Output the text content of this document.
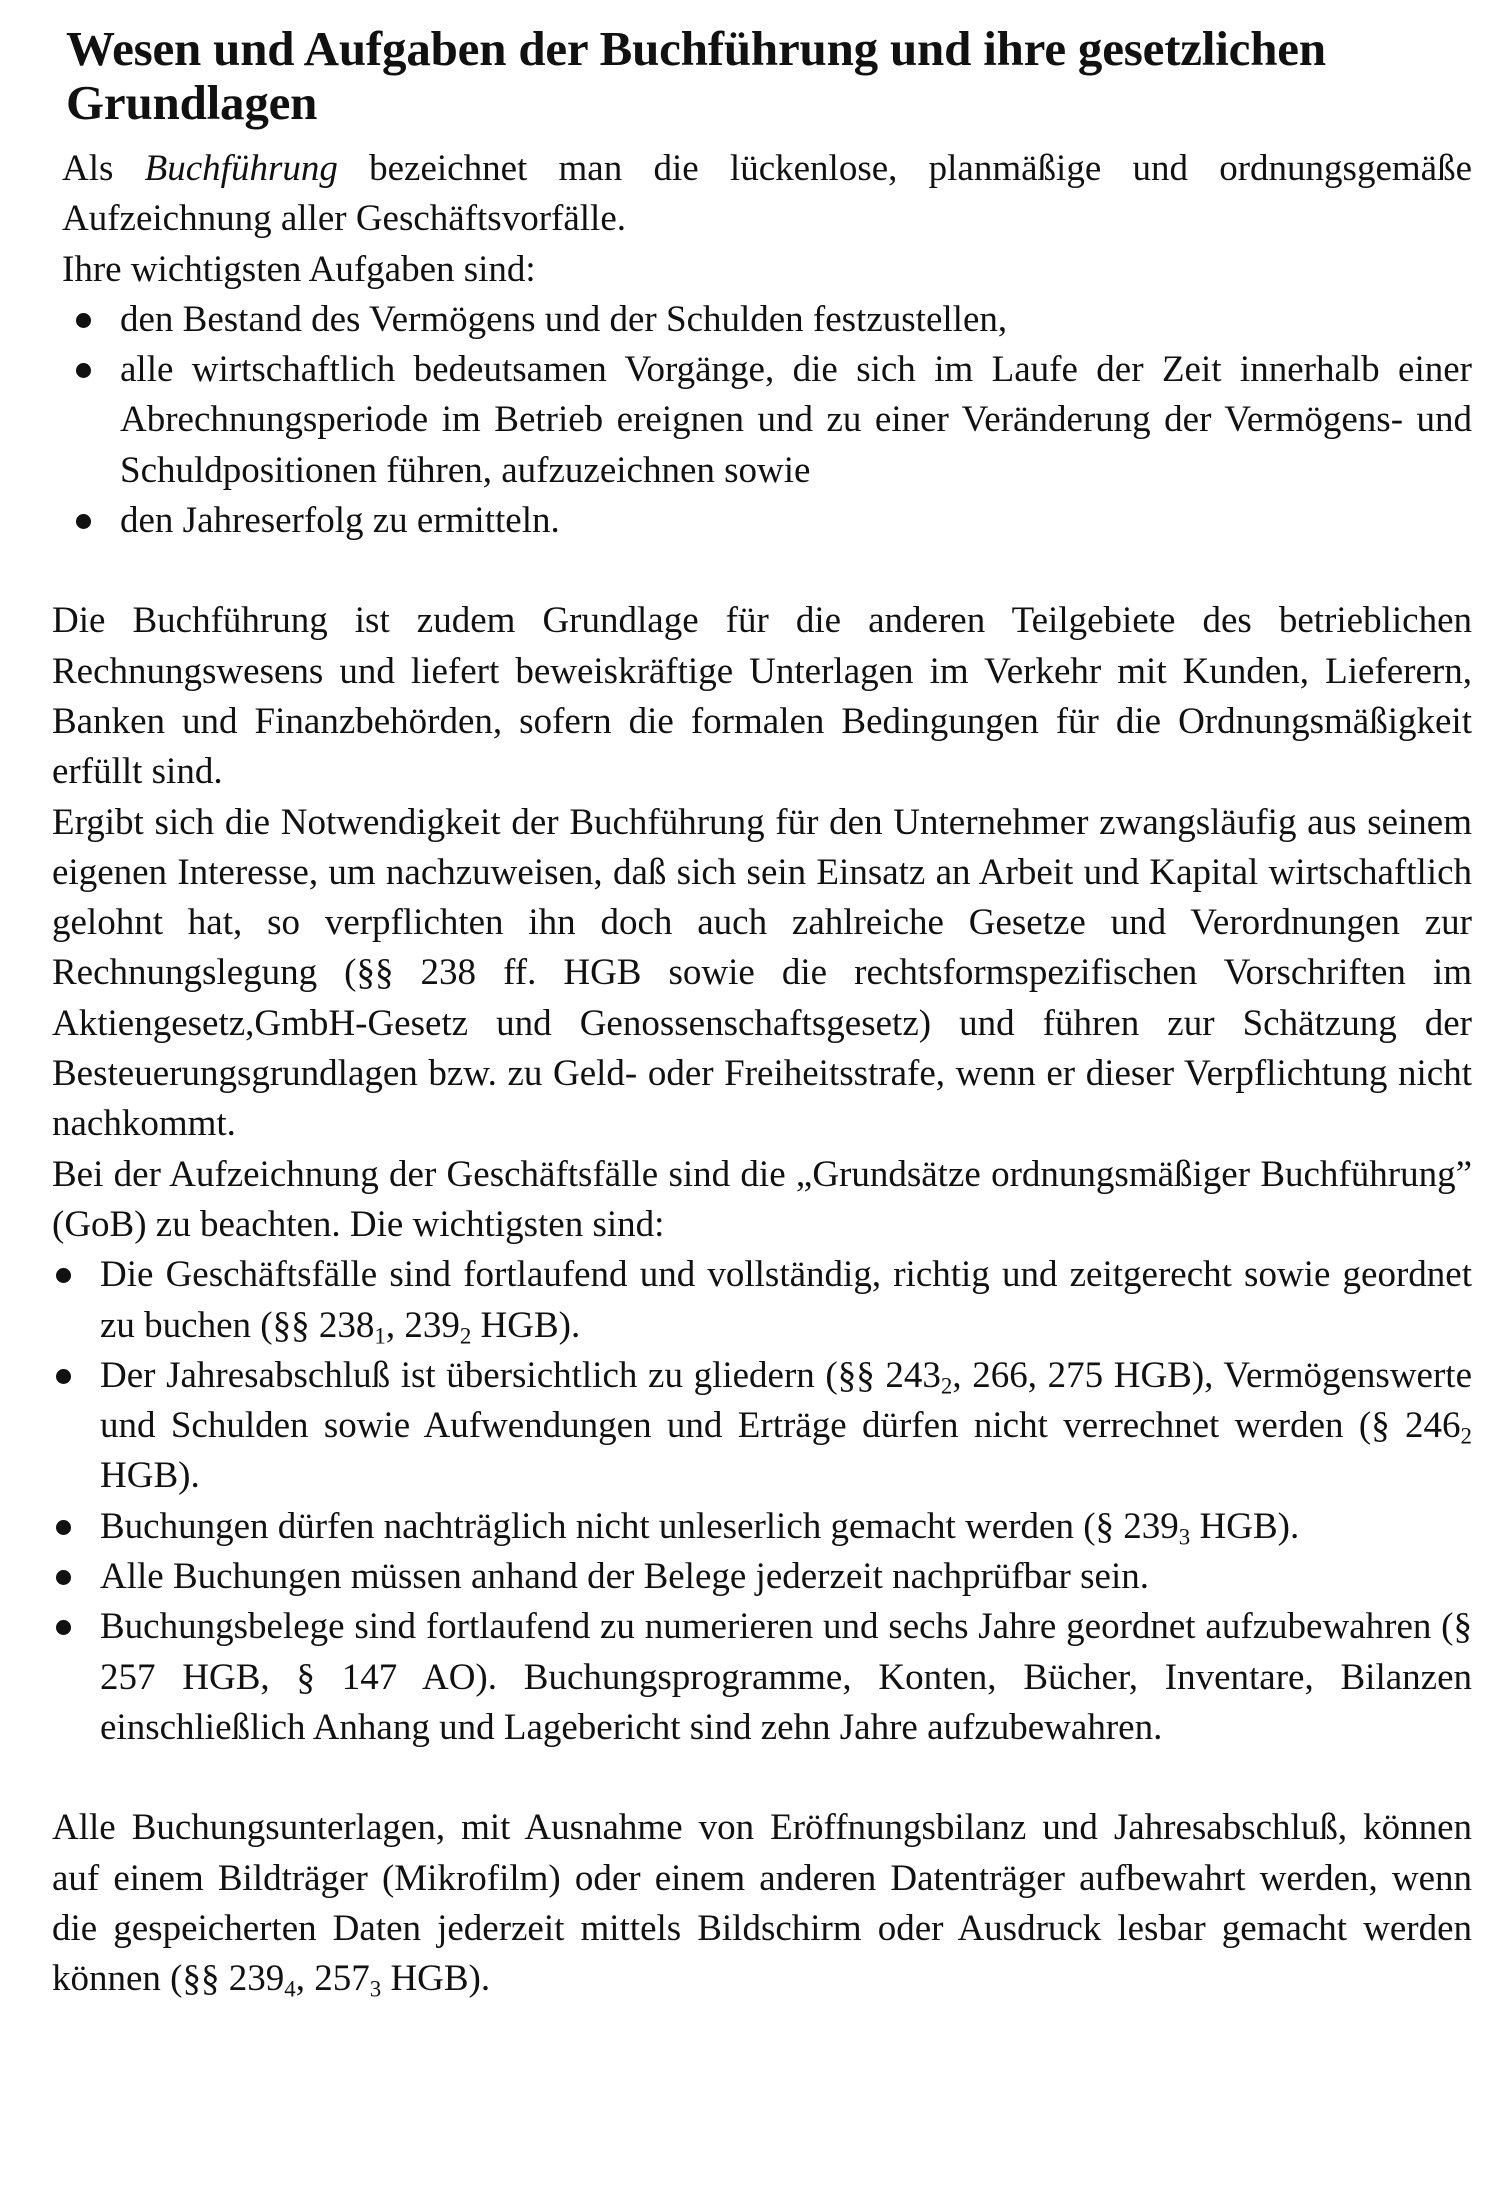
Wesen und Aufgaben der Buchführung und ihre gesetzlichen Grundlagen

Als Buchführung bezeichnet man die lückenlose, planmäßige und ordnungsgemäße Aufzeichnung aller Geschäftsvorfälle.

Ihre wichtigsten Aufgaben sind:

den Bestand des Vermögens und der Schulden festzustellen,
alle wirtschaftlich bedeutsamen Vorgänge, die sich im Laufe der Zeit innerhalb einer Abrechnungsperiode im Betrieb ereignen und zu einer Veränderung der Vermögens- und Schuldpositionen führen, aufzuzeichnen sowie
den Jahreserfolg zu ermitteln.

Die Buchführung ist zudem Grundlage für die anderen Teilgebiete des betrieblichen Rechnungswesens und liefert beweiskräftige Unterlagen im Verkehr mit Kunden, Lieferern, Banken und Finanzbehörden, sofern die formalen Bedingungen für die Ordnungsmäßigkeit erfüllt sind.

Ergibt sich die Notwendigkeit der Buchführung für den Unternehmer zwangsläufig aus seinem eigenen Interesse, um nachzuweisen, daß sich sein Einsatz an Arbeit und Kapital wirtschaftlich gelohnt hat, so verpflichten ihn doch auch zahlreiche Gesetze und Verordnungen zur Rechnungslegung (§§ 238 ff. HGB sowie die rechtsformspezifischen Vorschriften im Aktiengesetz,GmbH-Gesetz und Genossenschaftsgesetz) und führen zur Schätzung der Besteuerungsgrundlagen bzw. zu Geld- oder Freiheitsstrafe, wenn er dieser Verpflichtung nicht nachkommt.

Bei der Aufzeichnung der Geschäftsfälle sind die „Grundsätze ordnungsmäßiger Buchführung” (GoB) zu beachten. Die wichtigsten sind:

Die Geschäftsfälle sind fortlaufend und vollständig, richtig und zeitgerecht sowie geordnet zu buchen (§§ $238_1$, $239_2$ HGB).
Der Jahresabschluß ist übersichtlich zu gliedern (§§ $243_2$, 266, 275 HGB), Vermögenswerte und Schulden sowie Aufwendungen und Erträge dürfen nicht verrechnet werden (§ $246_2$ HGB).
Buchungen dürfen nachträglich nicht unleserlich gemacht werden (§ $239_3$ HGB).
Alle Buchungen müssen anhand der Belege jederzeit nachprüfbar sein.
Buchungsbelege sind fortlaufend zu numerieren und sechs Jahre geordnet aufzubewahren (§ 257 HGB, § 147 AO). Buchungsprogramme, Konten, Bücher, Inventare, Bilanzen einschließlich Anhang und Lagebericht sind zehn Jahre aufzubewahren.

Alle Buchungsunterlagen, mit Ausnahme von Eröffnungsbilanz und Jahresabschluß, können auf einem Bildträger (Mikrofilm) oder einem anderen Datenträger aufbewahrt werden, wenn die gespeicherten Daten jederzeit mittels Bildschirm oder Ausdruck lesbar gemacht werden können (§§ $239_4$, $257_3$ HGB).
